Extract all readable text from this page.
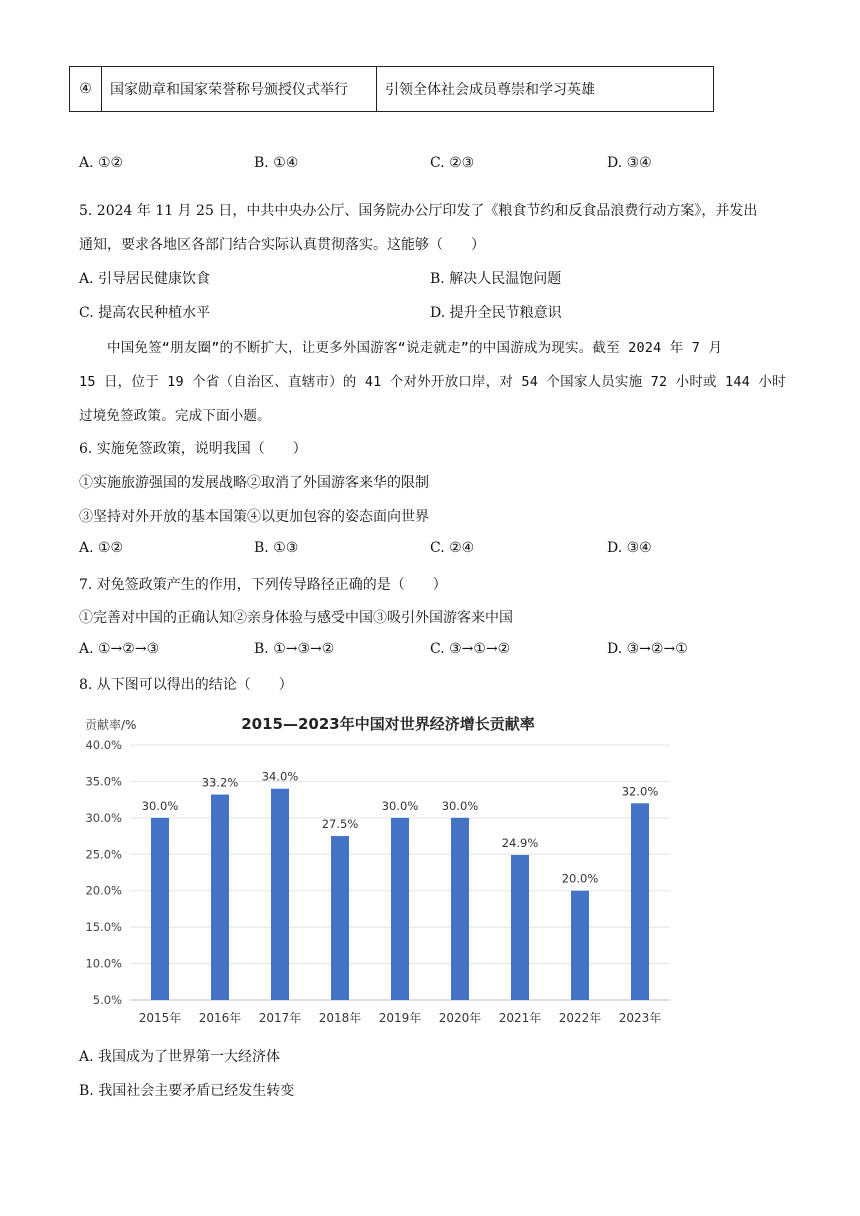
④	国家勋章和国家荣誉称号颁授仪式举行	引领全体社会成员尊崇和学习英雄
A. ①②	B. ①④	C. ②③	D. ③④
5. 2024 年 11 月 25 日，中共中央办公厅、国务院办公厅印发了《粮食节约和反食品浪费行动方案》，并发出
通知，要求各地区各部门结合实际认真贯彻落实。这能够（　　）
A. 引导居民健康饮食	B. 解决人民温饱问题
C. 提高农民种植水平	D. 提升全民节粮意识
中国免签“朋友圈”的不断扩大，让更多外国游客“说走就走”的中国游成为现实。截至 2024 年 7 月
15 日，位于 19 个省（自治区、直辖市）的 41 个对外开放口岸，对 54 个国家人员实施 72 小时或 144 小时
过境免签政策。完成下面小题。
6. 实施免签政策，说明我国（　　）
①实施旅游强国的发展战略②取消了外国游客来华的限制
③坚持对外开放的基本国策④以更加包容的姿态面向世界
A. ①②	B. ①③	C. ②④	D. ③④
7. 对免签政策产生的作用，下列传导路径正确的是（　　）
①完善对中国的正确认知②亲身体验与感受中国③吸引外国游客来中国
A. ①→②→③	B. ①→③→②	C. ③→①→②	D. ③→②→①
8. 从下图可以得出的结论（　　）
2015—2023年中国对世界经济增长贡献率
贡献率/%
5.0%
10.0%
15.0%
20.0%
25.0%
30.0%
35.0%
40.0%
30.0%
2015年
33.2%
2016年
34.0%
2017年
27.5%
2018年
30.0%
2019年
30.0%
2020年
24.9%
2021年
20.0%
2022年
32.0%
2023年
A. 我国成为了世界第一大经济体
B. 我国社会主要矛盾已经发生转变
